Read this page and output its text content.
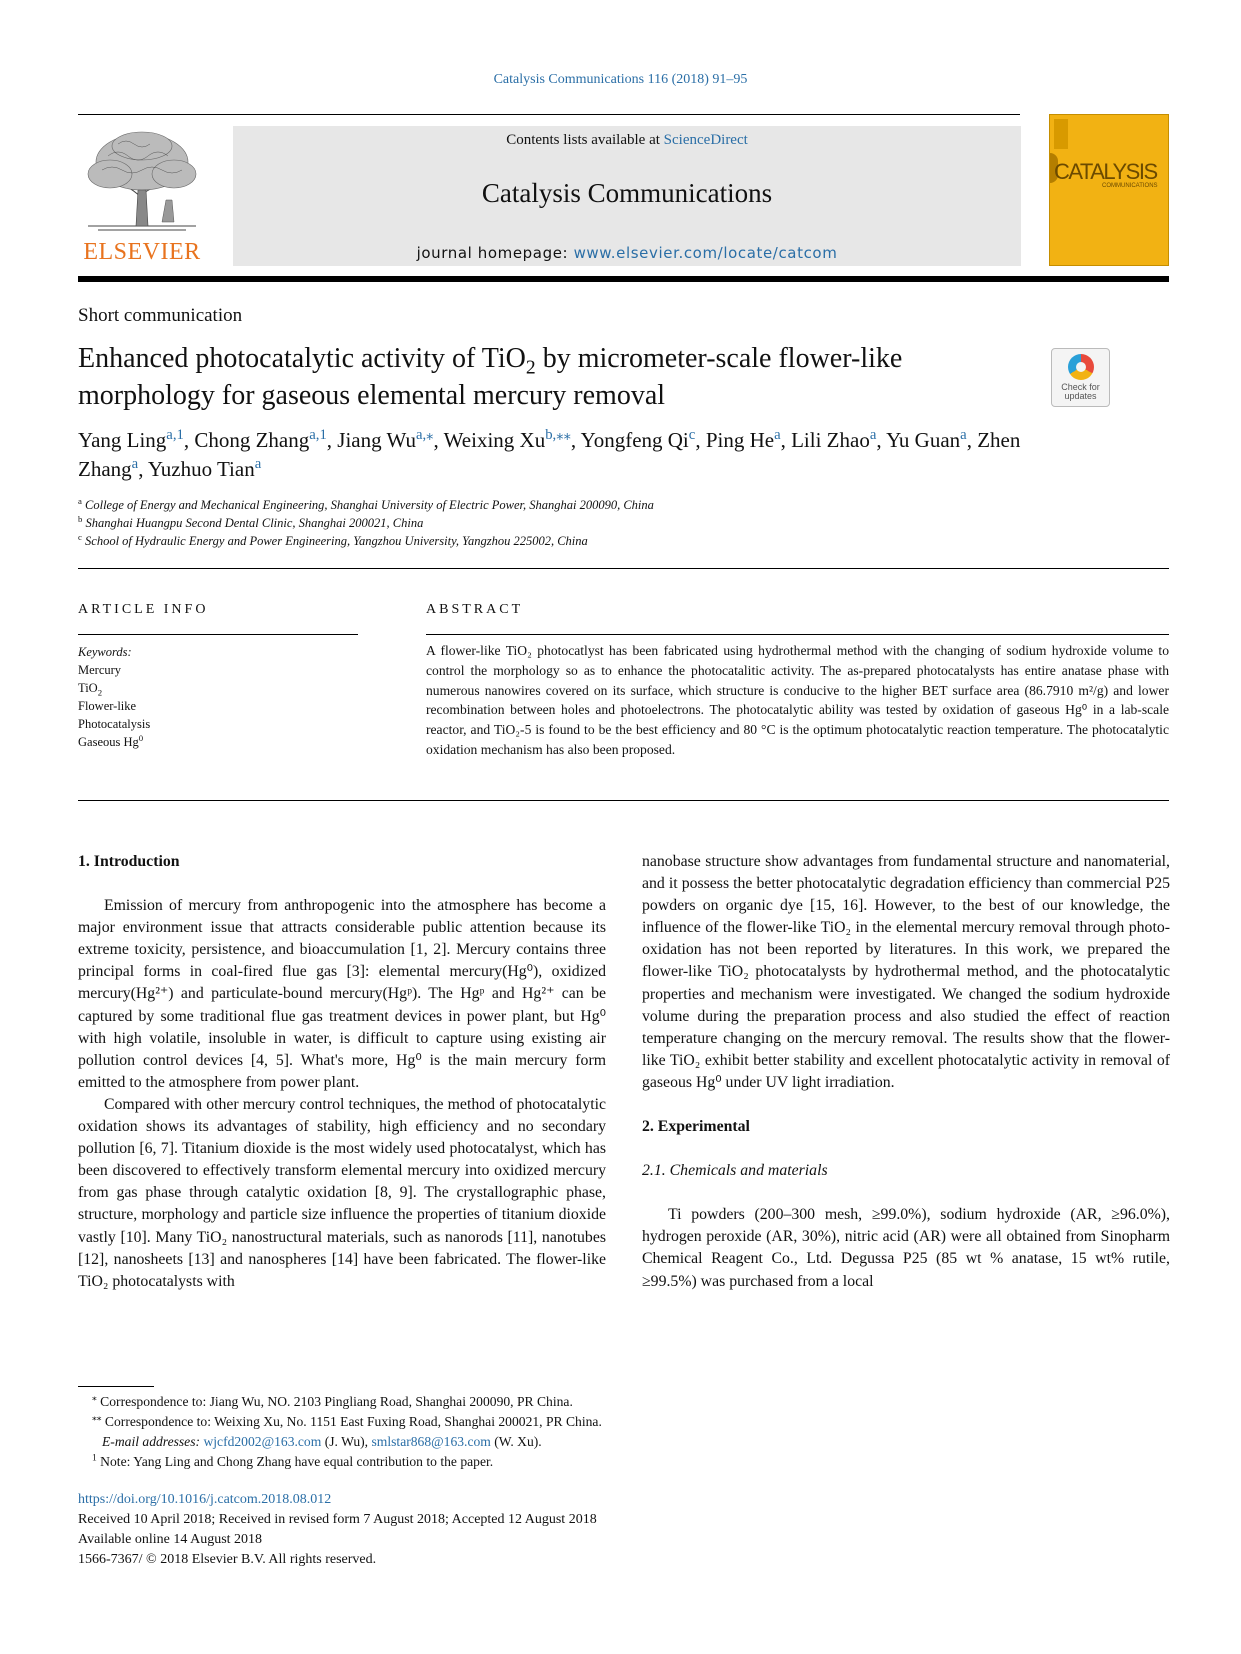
Catalysis Communications 116 (2018) 91–95
ELSEVIER
Contents lists available at ScienceDirect
Catalysis Communications
journal homepage: www.elsevier.com/locate/catcom
CATALYSIS
COMMUNICATIONS
Short communication
Enhanced photocatalytic activity of TiO$_2$ by micrometer-scale flower-like morphology for gaseous elemental mercury removal	Check for updates
Yang Ling$^{a,1}$, Chong Zhang$^{a,1}$, Jiang $Wu^{a,⁎}$, Weixing $Xu^{b,⁎⁎}$, Yongfeng Qi$^c$, Ping He$^a$, Lili Zhao$^a$, Yu Guan$^a$, Zhen Zhang$^a$, Yuzhuo Tian$^a$
$^a$ College of Energy and Mechanical Engineering, Shanghai University of Electric Power, Shanghai 200090, China
$^b$ Shanghai Huangpu Second Dental Clinic, Shanghai 200021, China
$^c$ School of Hydraulic Energy and Power Engineering, Yangzhou University, Yangzhou 225002, China
ARTICLE INFO	ABSTRACT
Keywords:
Mercury
TiO$_2$
Flower-like
Photocatalysis
Gaseous Hg$^0$
A flower-like TiO₂ photocatlyst has been fabricated using hydrothermal method with the changing of sodium hydroxide volume to control the morphology so as to enhance the photocatalitic activity. The as-prepared photocatalysts has entire anatase phase with numerous nanowires covered on its surface, which structure is conducive to the higher BET surface area (86.7910 m²/g) and lower recombination between holes and photoelectrons. The photocatalytic ability was tested by oxidation of gaseous Hg⁰ in a lab-scale reactor, and TiO₂-5 is found to be the best efficiency and 80 °C is the optimum photocatalytic reaction temperature. The photocatalytic oxidation mechanism has also been proposed.

1. Introduction

Emission of mercury from anthropogenic into the atmosphere has become a major environment issue that attracts considerable public attention because its extreme toxicity, persistence, and bioaccumulation [1, 2]. Mercury contains three principal forms in coal-fired flue gas [3]: elemental mercury(Hg⁰), oxidized mercury(Hg²⁺) and particulate-bound mercury(Hgᵖ). The Hgᵖ and Hg²⁺ can be captured by some traditional flue gas treatment devices in power plant, but Hg⁰ with high volatile, insoluble in water, is difficult to capture using existing air pollution control devices [4, 5]. What's more, Hg⁰ is the main mercury form emitted to the atmosphere from power plant.

Compared with other mercury control techniques, the method of photocatalytic oxidation shows its advantages of stability, high efficiency and no secondary pollution [6, 7]. Titanium dioxide is the most widely used photocatalyst, which has been discovered to effectively transform elemental mercury into oxidized mercury from gas phase through catalytic oxidation [8, 9]. The crystallographic phase, structure, morphology and particle size influence the properties of titanium dioxide vastly [10]. Many TiO₂ nanostructural materials, such as nanorods [11], nanotubes [12], nanosheets [13] and nanospheres [14] have been fabricated. The flower-like TiO₂ photocatalysts with

nanobase structure show advantages from fundamental structure and nanomaterial, and it possess the better photocatalytic degradation efficiency than commercial P25 powders on organic dye [15, 16]. However, to the best of our knowledge, the influence of the flower-like TiO₂ in the elemental mercury removal through photo-oxidation has not been reported by literatures. In this work, we prepared the flower-like TiO₂ photocatalysts by hydrothermal method, and the photocatalytic properties and mechanism were investigated. We changed the sodium hydroxide volume during the preparation process and also studied the effect of reaction temperature changing on the mercury removal. The results show that the flower-like TiO₂ exhibit better stability and excellent photocatalytic activity in removal of gaseous Hg⁰ under UV light irradiation.

2. Experimental

2.1. Chemicals and materials

Ti powders (200–300 mesh, ≥99.0%), sodium hydroxide (AR, ≥96.0%), hydrogen peroxide (AR, 30%), nitric acid (AR) were all obtained from Sinopharm Chemical Reagent Co., Ltd. Degussa P25 (85 wt % anatase, 15 wt% rutile, ≥99.5%) was purchased from a local

⁎ Correspondence to: Jiang Wu, NO. 2103 Pingliang Road, Shanghai 200090, PR China.
⁎⁎ Correspondence to: Weixing Xu, No. 1151 East Fuxing Road, Shanghai 200021, PR China.
E-mail addresses: wjcfd2002@163.com (J. Wu), smlstar868@163.com (W. Xu).
$^1$ Note: Yang Ling and Chong Zhang have equal contribution to the paper.
https://doi.org/10.1016/j.catcom.2018.08.012
Received 10 April 2018; Received in revised form 7 August 2018; Accepted 12 August 2018
Available online 14 August 2018
1566-7367/ © 2018 Elsevier B.V. All rights reserved.
